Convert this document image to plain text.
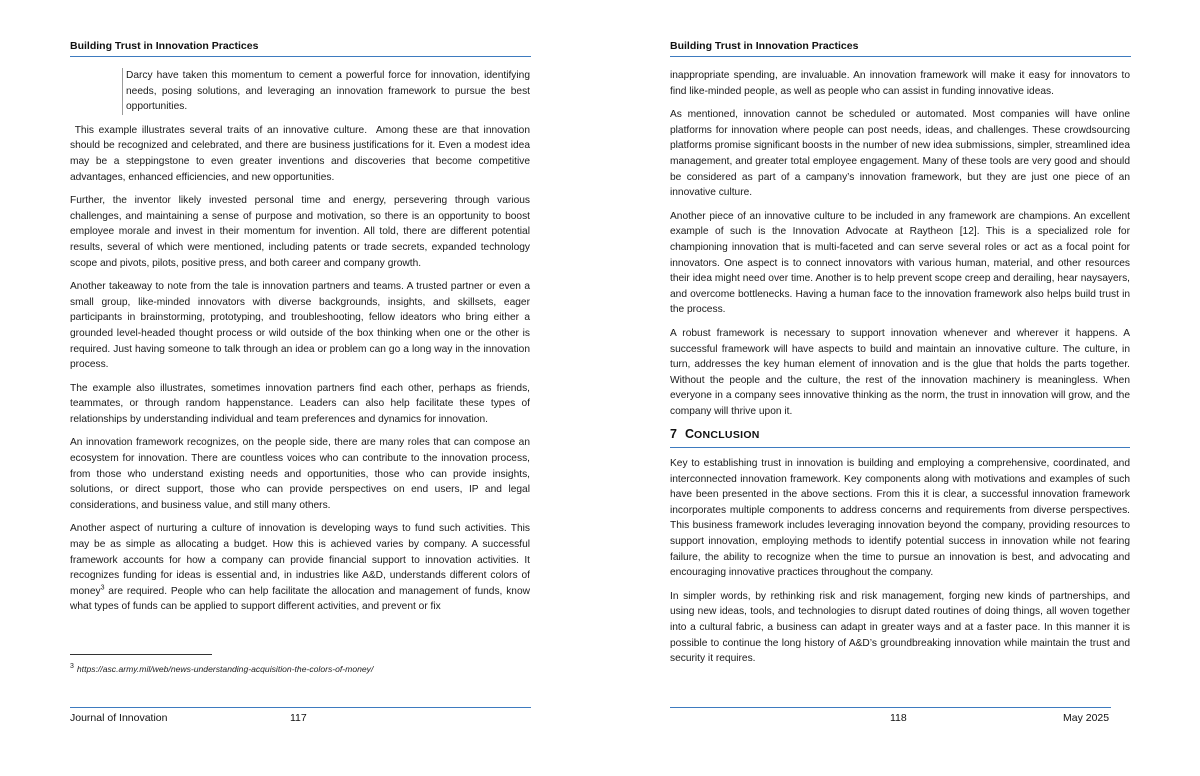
Building Trust in Innovation Practices

Darcy have taken this momentum to cement a powerful force for innovation, identifying needs, posing solutions, and leveraging an innovation framework to pursue the best opportunities.

This example illustrates several traits of an innovative culture.  Among these are that innovation should be recognized and celebrated, and there are business justifications for it. Even a modest idea may be a steppingstone to even greater inventions and discoveries that become competitive advantages, enhanced efficiencies, and new opportunities.

Further, the inventor likely invested personal time and energy, persevering through various challenges, and maintaining a sense of purpose and motivation, so there is an opportunity to boost employee morale and invest in their momentum for invention. All told, there are different potential results, several of which were mentioned, including patents or trade secrets, expanded technology scope and pivots, pilots, positive press, and both career and company growth.

Another takeaway to note from the tale is innovation partners and teams. A trusted partner or even a small group, like-minded innovators with diverse backgrounds, insights, and skillsets, eager participants in brainstorming, prototyping, and troubleshooting, fellow ideators who bring either a grounded level-headed thought process or wild outside of the box thinking when one or the other is required. Just having someone to talk through an idea or problem can go a long way in the innovation process.

The example also illustrates, sometimes innovation partners find each other, perhaps as friends, teammates, or through random happenstance. Leaders can also help facilitate these types of relationships by understanding individual and team preferences and dynamics for innovation.

An innovation framework recognizes, on the people side, there are many roles that can compose an ecosystem for innovation. There are countless voices who can contribute to the innovation process, from those who understand existing needs and opportunities, those who can provide insights, solutions, or direct support, those who can provide perspectives on end users, IP and legal considerations, and business value, and still many others.

Another aspect of nurturing a culture of innovation is developing ways to fund such activities. This may be as simple as allocating a budget. How this is achieved varies by company. A successful framework accounts for how a company can provide financial support to innovation activities. It recognizes funding for ideas is essential and, in industries like A&D, understands different colors of money$^3$ are required. People who can help facilitate the allocation and management of funds, know what types of funds can be applied to support different activities, and prevent or fix

$^3$ https://asc.army.mil/web/news-understanding-acquisition-the-colors-of-money/
Journal of Innovation	117
Building Trust in Innovation Practices

inappropriate spending, are invaluable. An innovation framework will make it easy for innovators to find like-minded people, as well as people who can assist in funding innovative ideas.

As mentioned, innovation cannot be scheduled or automated. Most companies will have online platforms for innovation where people can post needs, ideas, and challenges. These crowdsourcing platforms promise significant boosts in the number of new idea submissions, simpler, streamlined idea management, and greater total employee engagement. Many of these tools are very good and should be considered as part of a campany’s innovation framework, but they are just one piece of an innovative culture.

Another piece of an innovative culture to be included in any framework are champions. An excellent example of such is the Innovation Advocate at Raytheon [12]. This is a specialized role for championing innovation that is multi-faceted and can serve several roles or act as a focal point for innovators. One aspect is to connect innovators with various human, material, and other resources their idea might need over time. Another is to help prevent scope creep and derailing, hear naysayers, and overcome bottlenecks. Having a human face to the innovation framework also helps build trust in the process.

A robust framework is necessary to support innovation whenever and wherever it happens. A successful framework will have aspects to build and maintain an innovative culture. The culture, in turn, addresses the key human element of innovation and is the glue that holds the parts together. Without the people and the culture, the rest of the innovation machinery is meaningless. When everyone in a company sees innovative thinking as the norm, the trust in innovation will grow, and the company will thrive upon it.

7 CONCLUSION

Key to establishing trust in innovation is building and employing a comprehensive, coordinated, and interconnected innovation framework. Key components along with motivations and examples of such have been presented in the above sections. From this it is clear, a successful innovation framework incorporates multiple components to address concerns and requirements from diverse perspectives. This business framework includes leveraging innovation beyond the company, providing resources to support innovation, employing methods to identify potential success in innovation while not fearing failure, the ability to recognize when the time to pursue an innovation is best, and advocating and encouraging innovative practices throughout the company.

In simpler words, by rethinking risk and risk management, forging new kinds of partnerships, and using new ideas, tools, and technologies to disrupt dated routines of doing things, all woven together into a cultural fabric, a business can adapt in greater ways and at a faster pace. In this manner it is possible to continue the long history of A&D’s groundbreaking innovation while maintain the trust and security it requires.

118	May 2025
